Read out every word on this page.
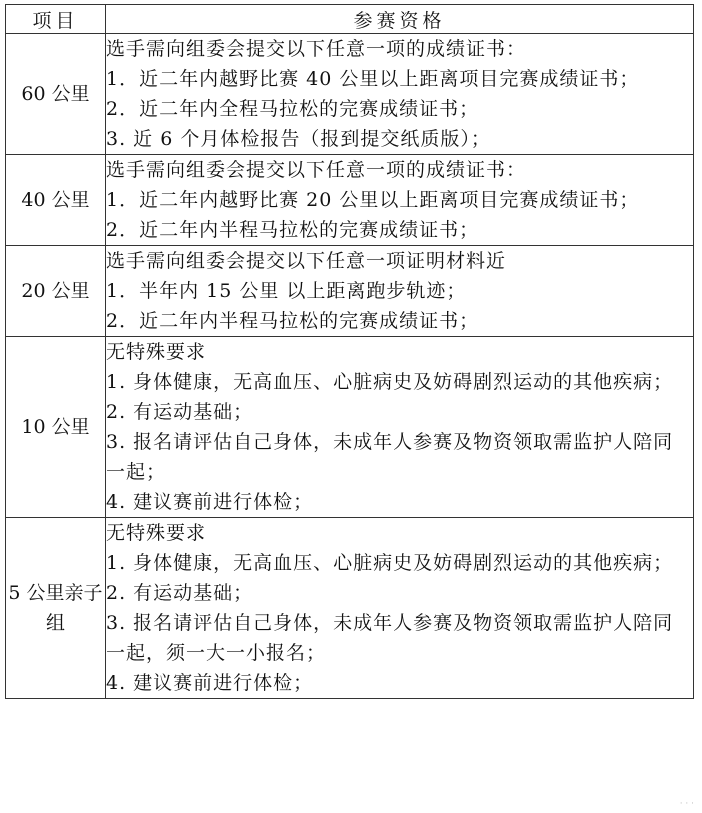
项目	参赛资格
60 公里	选手需向组委会提交以下任意一项的成绩证书：
1．近二年内越野比赛 40 公里以上距离项目完赛成绩证书；
2．近二年内全程马拉松的完赛成绩证书；
3. 近 6 个月体检报告（报到提交纸质版）；

40 公里	选手需向组委会提交以下任意一项的成绩证书：
1．近二年内越野比赛 20 公里以上距离项目完赛成绩证书；
2．近二年内半程马拉松的完赛成绩证书；

20 公里	选手需向组委会提交以下任意一项证明材料近
1．半年内 15 公里 以上距离跑步轨迹；
2．近二年内半程马拉松的完赛成绩证书；

10 公里	无特殊要求
1. 身体健康，无高血压、心脏病史及妨碍剧烈运动的其他疾病；
2. 有运动基础；
3. 报名请评估自己身体，未成年人参赛及物资领取需监护人陪同一起；
4. 建议赛前进行体检；

5 公里亲子组	无特殊要求
1. 身体健康，无高血压、心脏病史及妨碍剧烈运动的其他疾病；
2. 有运动基础；
3. 报名请评估自己身体，未成年人参赛及物资领取需监护人陪同一起，须一大一小报名；
4. 建议赛前进行体检；
· · ·
